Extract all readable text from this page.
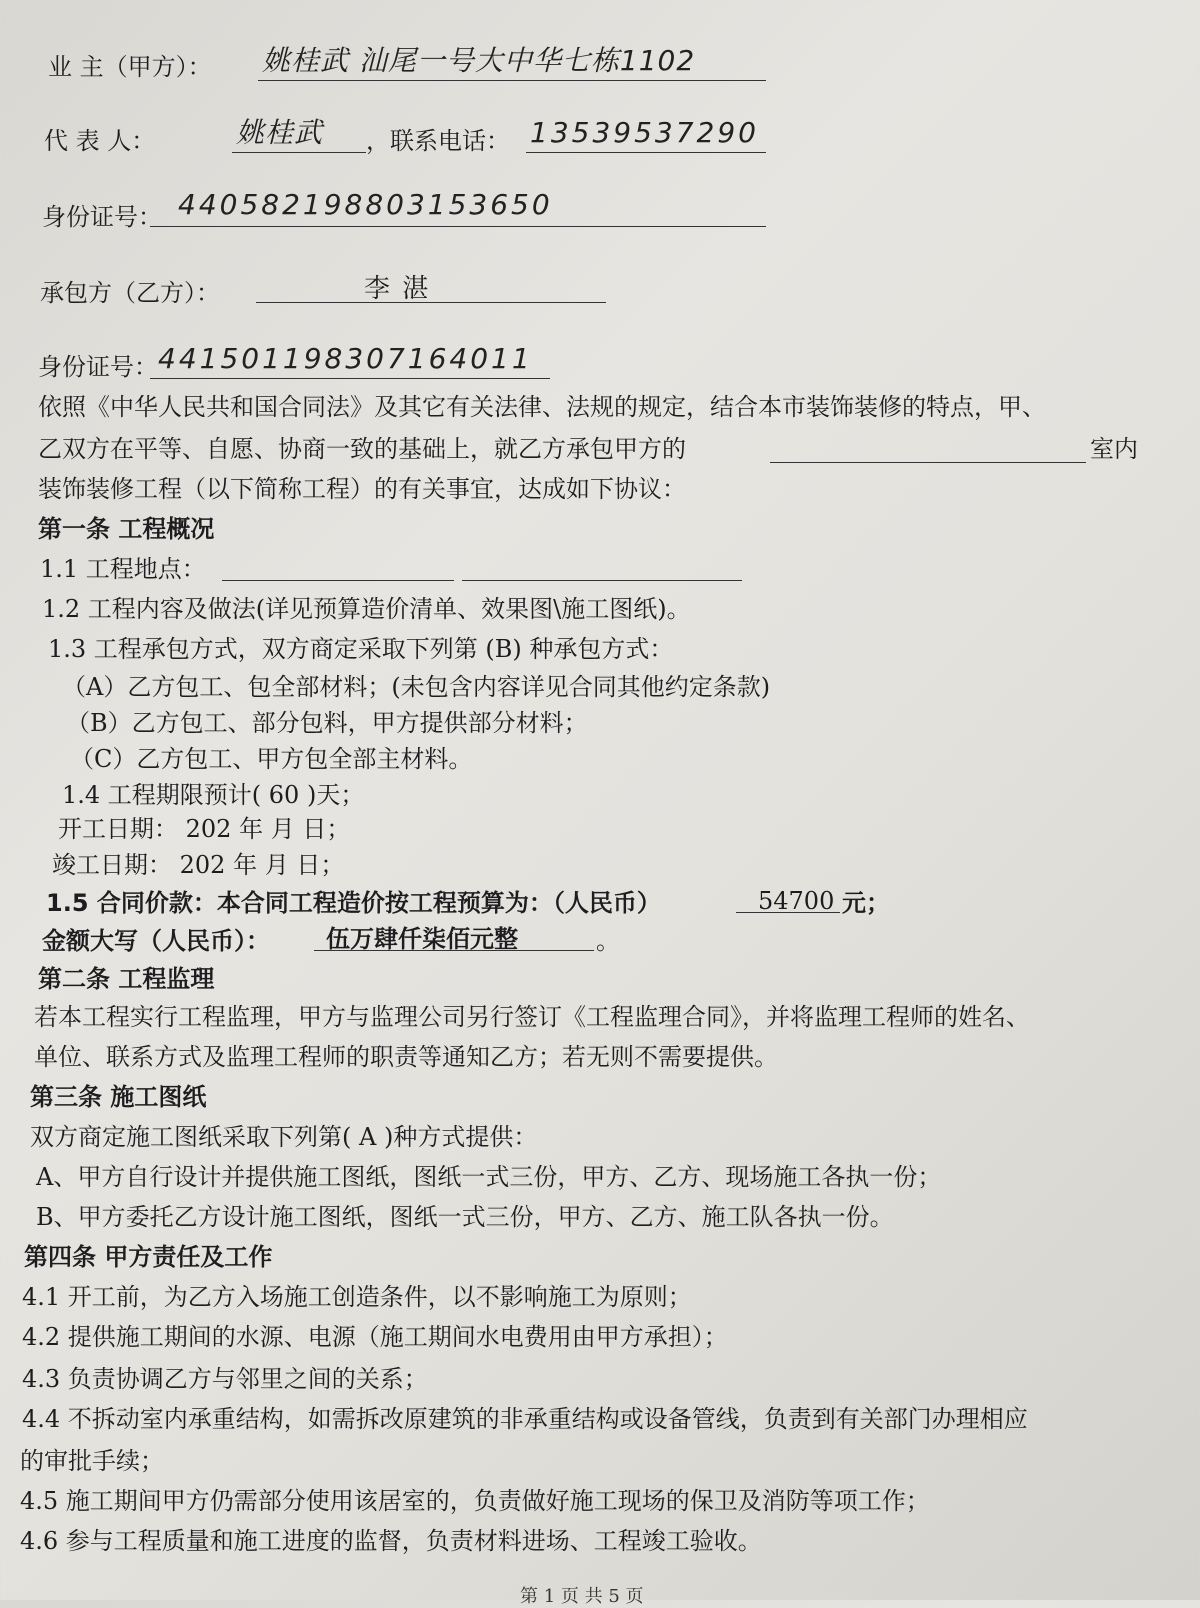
业 主（甲方）： 姚桂武 汕尾一号大中华七栋1102
代 表 人：	姚桂武 ，联系电话： 13539537290
身份证号： 440582198803153650
承包方（乙方）：	李 湛
身份证号： 441501198307164011
依照《中华人民共和国合同法》及其它有关法律、法规的规定，结合本市装饰装修的特点，甲、
乙双方在平等、自愿、协商一致的基础上，就乙方承包甲方的	室内
装饰装修工程（以下简称工程）的有关事宜，达成如下协议：
第一条 工程概况
1.1 工程地点：
1.2 工程内容及做法(详见预算造价清单、效果图\施工图纸)。
1.3 工程承包方式，双方商定采取下列第 (B) 种承包方式：
（A）乙方包工、包全部材料；(未包含内容详见合同其他约定条款)
（B）乙方包工、部分包料，甲方提供部分材料；
（C）乙方包工、甲方包全部主材料。
1.4 工程期限预计( 60 )天；
开工日期： 202 年 月 日；
竣工日期： 202 年 月 日；
1.5 合同价款：本合同工程造价按工程预算为：（人民币）	54700 元；
金额大写（人民币）： 伍万肆仟柒佰元整	。
第二条 工程监理
若本工程实行工程监理，甲方与监理公司另行签订《工程监理合同》，并将监理工程师的姓名、
单位、联系方式及监理工程师的职责等通知乙方；若无则不需要提供。
第三条 施工图纸
双方商定施工图纸采取下列第( A )种方式提供：
A、甲方自行设计并提供施工图纸，图纸一式三份，甲方、乙方、现场施工各执一份；
B、甲方委托乙方设计施工图纸，图纸一式三份，甲方、乙方、施工队各执一份。
第四条 甲方责任及工作
4.1 开工前，为乙方入场施工创造条件，以不影响施工为原则；
4.2 提供施工期间的水源、电源（施工期间水电费用由甲方承担）；
4.3 负责协调乙方与邻里之间的关系；
4.4 不拆动室内承重结构，如需拆改原建筑的非承重结构或设备管线，负责到有关部门办理相应
的审批手续；
4.5 施工期间甲方仍需部分使用该居室的，负责做好施工现场的保卫及消防等项工作；
4.6 参与工程质量和施工进度的监督，负责材料进场、工程竣工验收。
第 1 页 共 5 页
